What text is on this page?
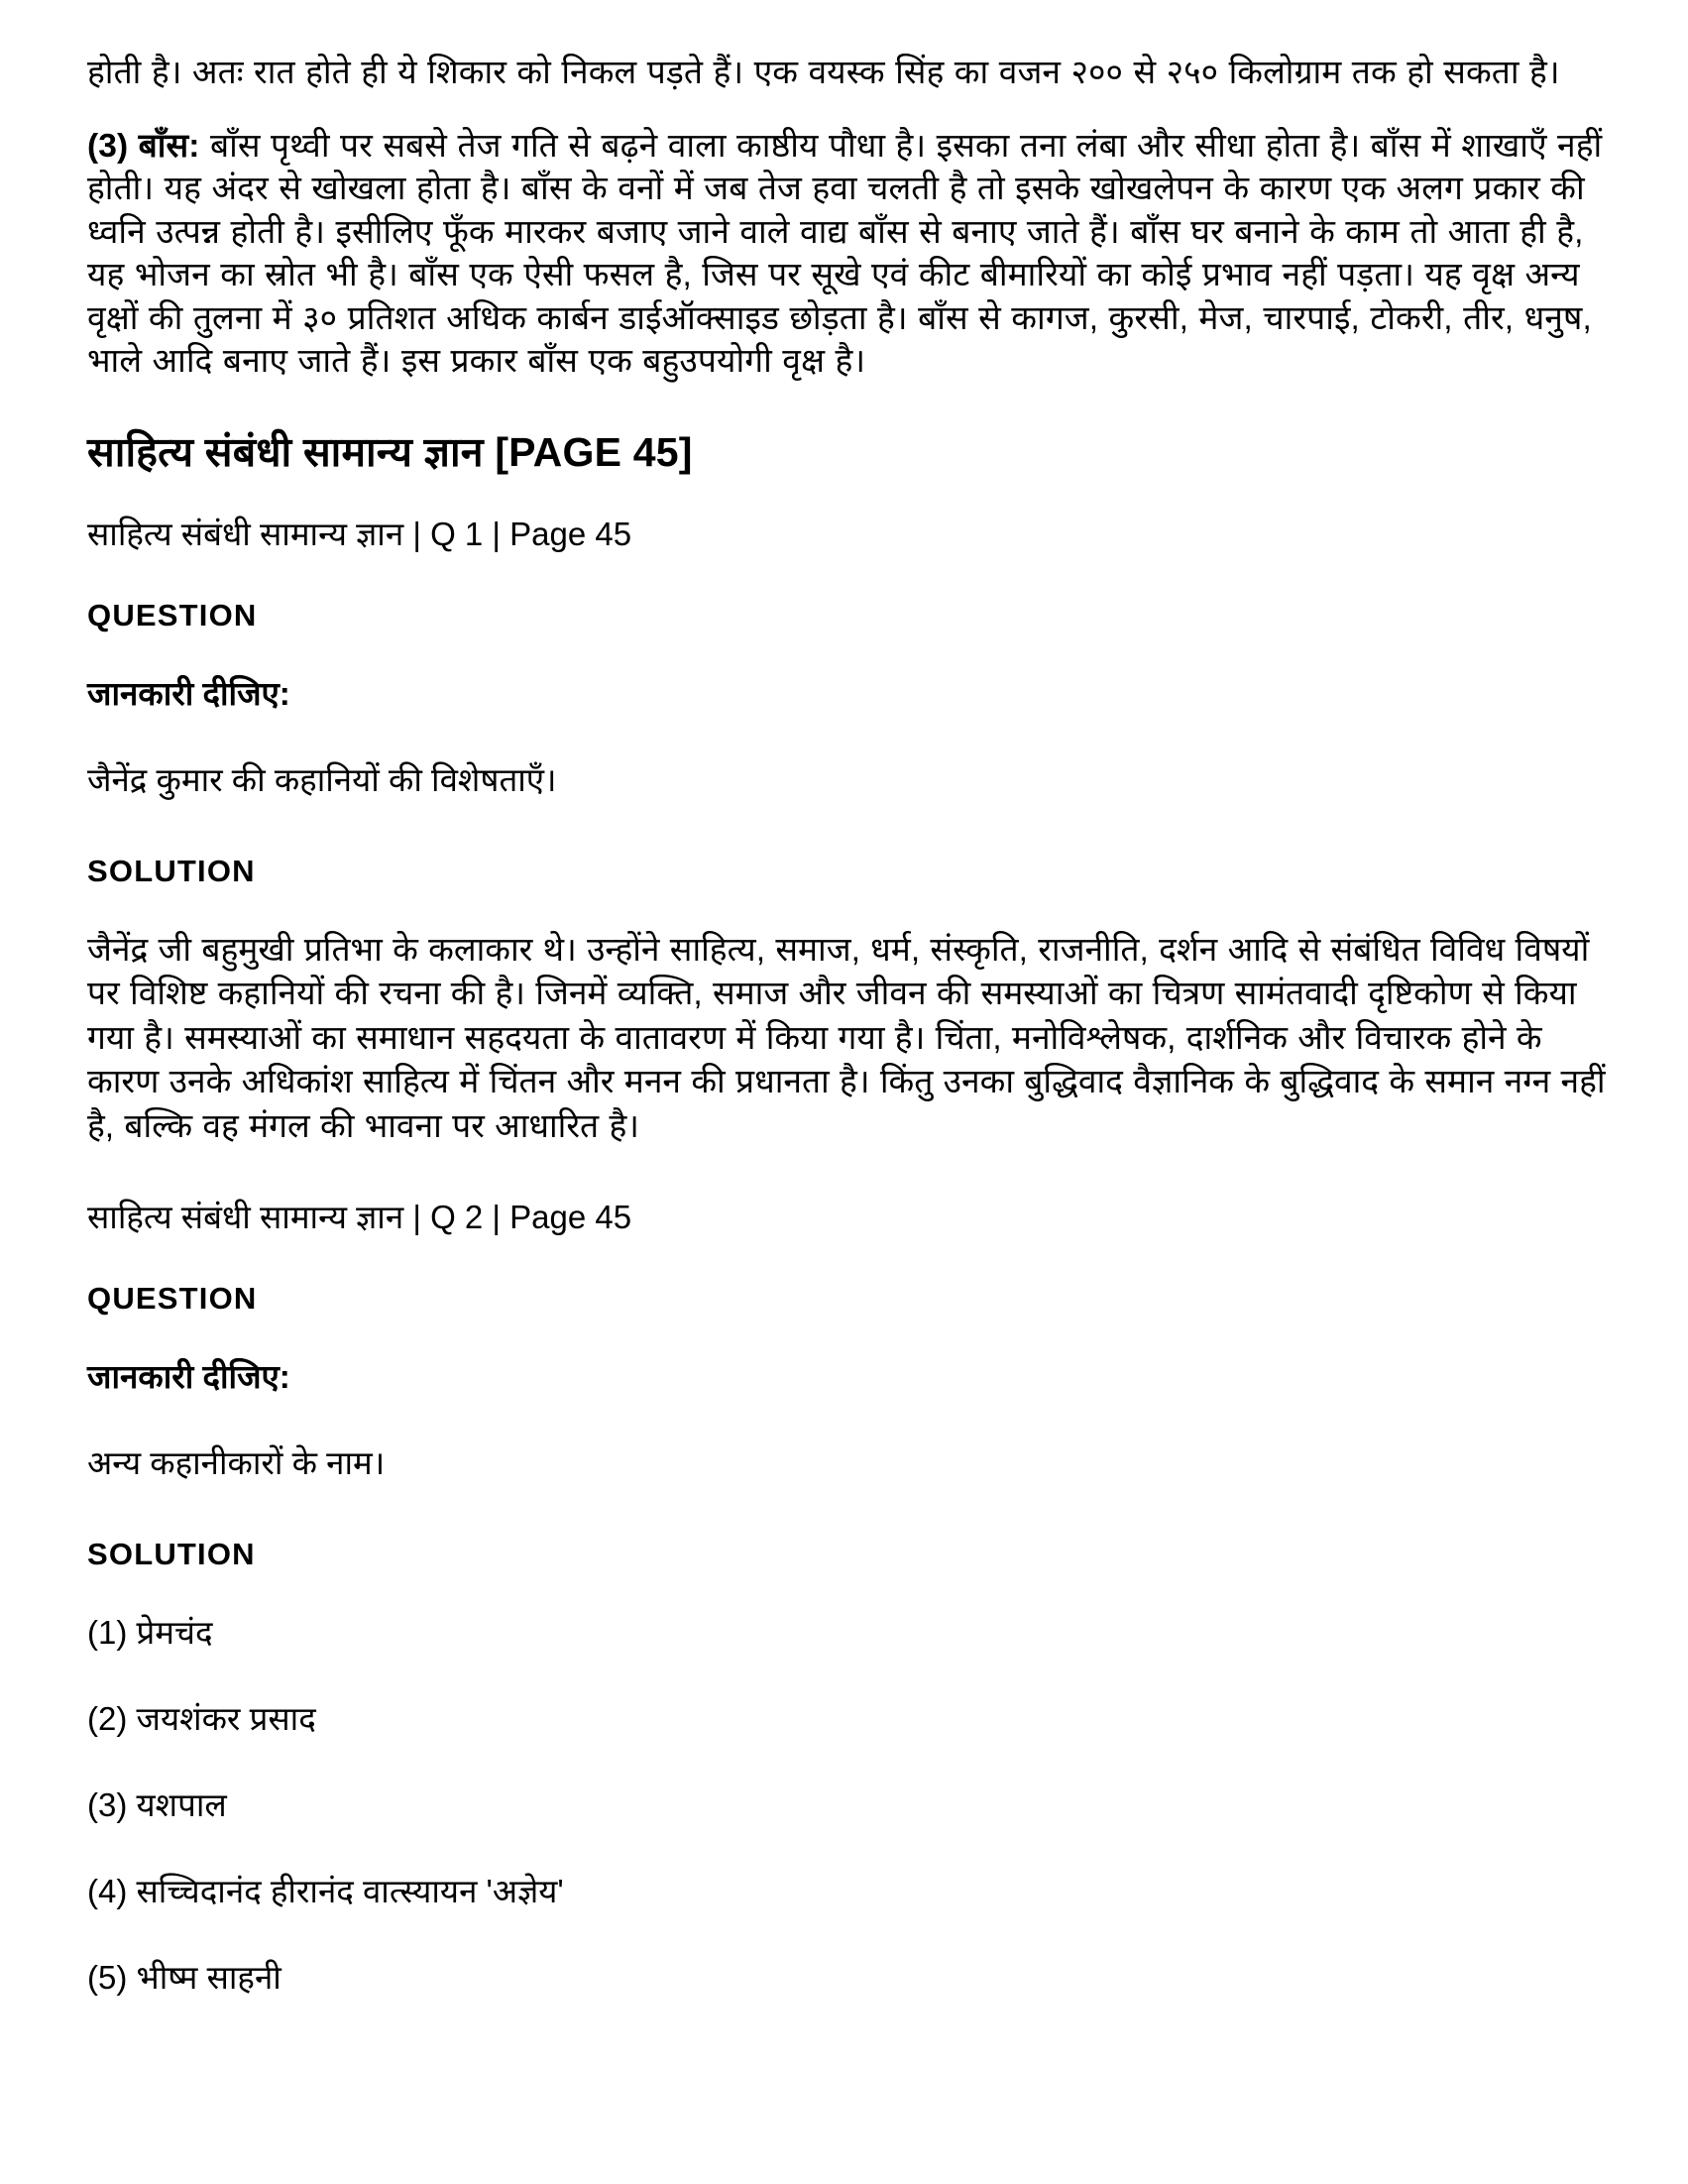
होती है। अतः रात होते ही ये शिकार को निकल पड़ते हैं। एक वयस्क सिंह का वजन २०० से २५० किलोग्राम तक हो सकता है।

(3) बाँस: बाँस पृथ्वी पर सबसे तेज गति से बढ़ने वाला काष्ठीय पौधा है। इसका तना लंबा और सीधा होता है। बाँस में शाखाएँ नहीं होती। यह अंदर से खोखला होता है। बाँस के वनों में जब तेज हवा चलती है तो इसके खोखलेपन के कारण एक अलग प्रकार की ध्वनि उत्पन्न होती है। इसीलिए फूँक मारकर बजाए जाने वाले वाद्य बाँस से बनाए जाते हैं। बाँस घर बनाने के काम तो आता ही है, यह भोजन का स्रोत भी है। बाँस एक ऐसी फसल है, जिस पर सूखे एवं कीट बीमारियों का कोई प्रभाव नहीं पड़ता। यह वृक्ष अन्य वृक्षों की तुलना में ३० प्रतिशत अधिक कार्बन डाईऑक्साइड छोड़ता है। बाँस से कागज, कुरसी, मेज, चारपाई, टोकरी, तीर, धनुष, भाले आदि बनाए जाते हैं। इस प्रकार बाँस एक बहुउपयोगी वृक्ष है।

साहित्य संबंधी सामान्य ज्ञान [PAGE 45]

साहित्य संबंधी सामान्य ज्ञान | Q 1 | Page 45

QUESTION

जानकारी दीजिए:

जैनेंद्र कुमार की कहानियों की विशेषताएँ।

SOLUTION

जैनेंद्र जी बहुमुखी प्रतिभा के कलाकार थे। उन्होंने साहित्य, समाज, धर्म, संस्कृति, राजनीति, दर्शन आदि से संबंधित विविध विषयों पर विशिष्ट कहानियों की रचना की है। जिनमें व्यक्ति, समाज और जीवन की समस्याओं का चित्रण सामंतवादी दृष्टिकोण से किया गया है। समस्याओं का समाधान सहदयता के वातावरण में किया गया है। चिंता, मनोविश्लेषक, दार्शनिक और विचारक होने के कारण उनके अधिकांश साहित्य में चिंतन और मनन की प्रधानता है। किंतु उनका बुद्धिवाद वैज्ञानिक के बुद्धिवाद के समान नग्न नहीं है, बल्कि वह मंगल की भावना पर आधारित है।

साहित्य संबंधी सामान्य ज्ञान | Q 2 | Page 45

QUESTION

जानकारी दीजिए:

अन्य कहानीकारों के नाम।

SOLUTION

(1) प्रेमचंद

(2) जयशंकर प्रसाद

(3) यशपाल

(4) सच्चिदानंद हीरानंद वात्स्यायन 'अज्ञेय'

(5) भीष्म साहनी
